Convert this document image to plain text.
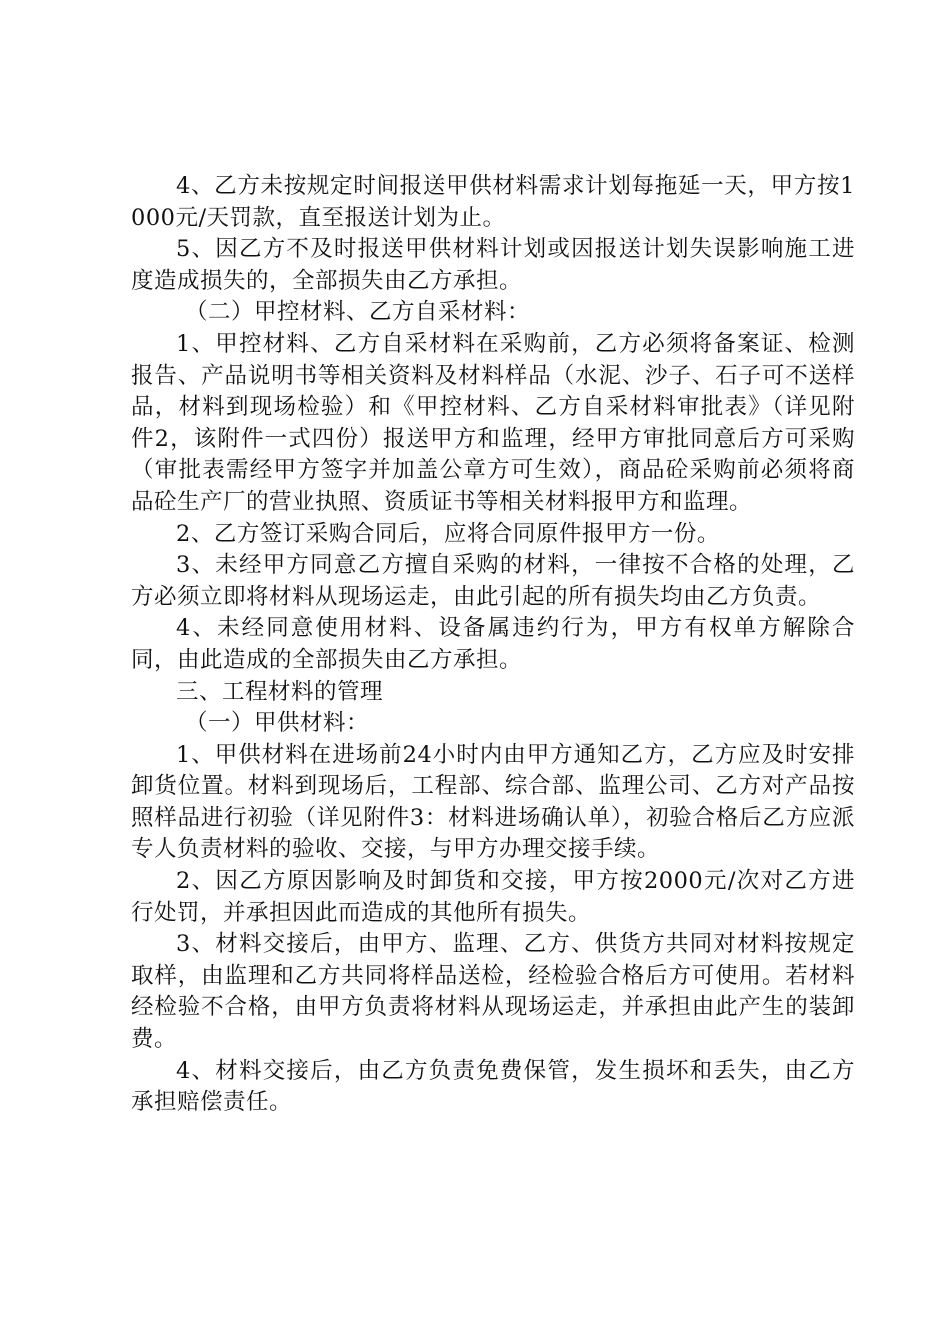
4、乙方未按规定时间报送甲供材料需求计划每拖延一天，甲方按1000元/天罚款，直至报送计划为止。

5、因乙方不及时报送甲供材料计划或因报送计划失误影响施工进度造成损失的，全部损失由乙方承担。

（二）甲控材料、乙方自采材料：

1、甲控材料、乙方自采材料在采购前，乙方必须将备案证、检测报告、产品说明书等相关资料及材料样品（水泥、沙子、石子可不送样品，材料到现场检验）和《甲控材料、乙方自采材料审批表》（详见附件2，该附件一式四份）报送甲方和监理，经甲方审批同意后方可采购（审批表需经甲方签字并加盖公章方可生效），商品砼采购前必须将商品砼生产厂的营业执照、资质证书等相关材料报甲方和监理。

2、乙方签订采购合同后，应将合同原件报甲方一份。

3、未经甲方同意乙方擅自采购的材料，一律按不合格的处理，乙方必须立即将材料从现场运走，由此引起的所有损失均由乙方负责。

4、未经同意使用材料、设备属违约行为，甲方有权单方解除合同，由此造成的全部损失由乙方承担。

三、工程材料的管理

（一）甲供材料：

1、甲供材料在进场前24小时内由甲方通知乙方，乙方应及时安排卸货位置。材料到现场后，工程部、综合部、监理公司、乙方对产品按照样品进行初验（详见附件3：材料进场确认单），初验合格后乙方应派专人负责材料的验收、交接，与甲方办理交接手续。

2、因乙方原因影响及时卸货和交接，甲方按2000元/次对乙方进行处罚，并承担因此而造成的其他所有损失。

3、材料交接后，由甲方、监理、乙方、供货方共同对材料按规定取样，由监理和乙方共同将样品送检，经检验合格后方可使用。若材料经检验不合格，由甲方负责将材料从现场运走，并承担由此产生的装卸费。

4、材料交接后，由乙方负责免费保管，发生损坏和丢失，由乙方承担赔偿责任。
